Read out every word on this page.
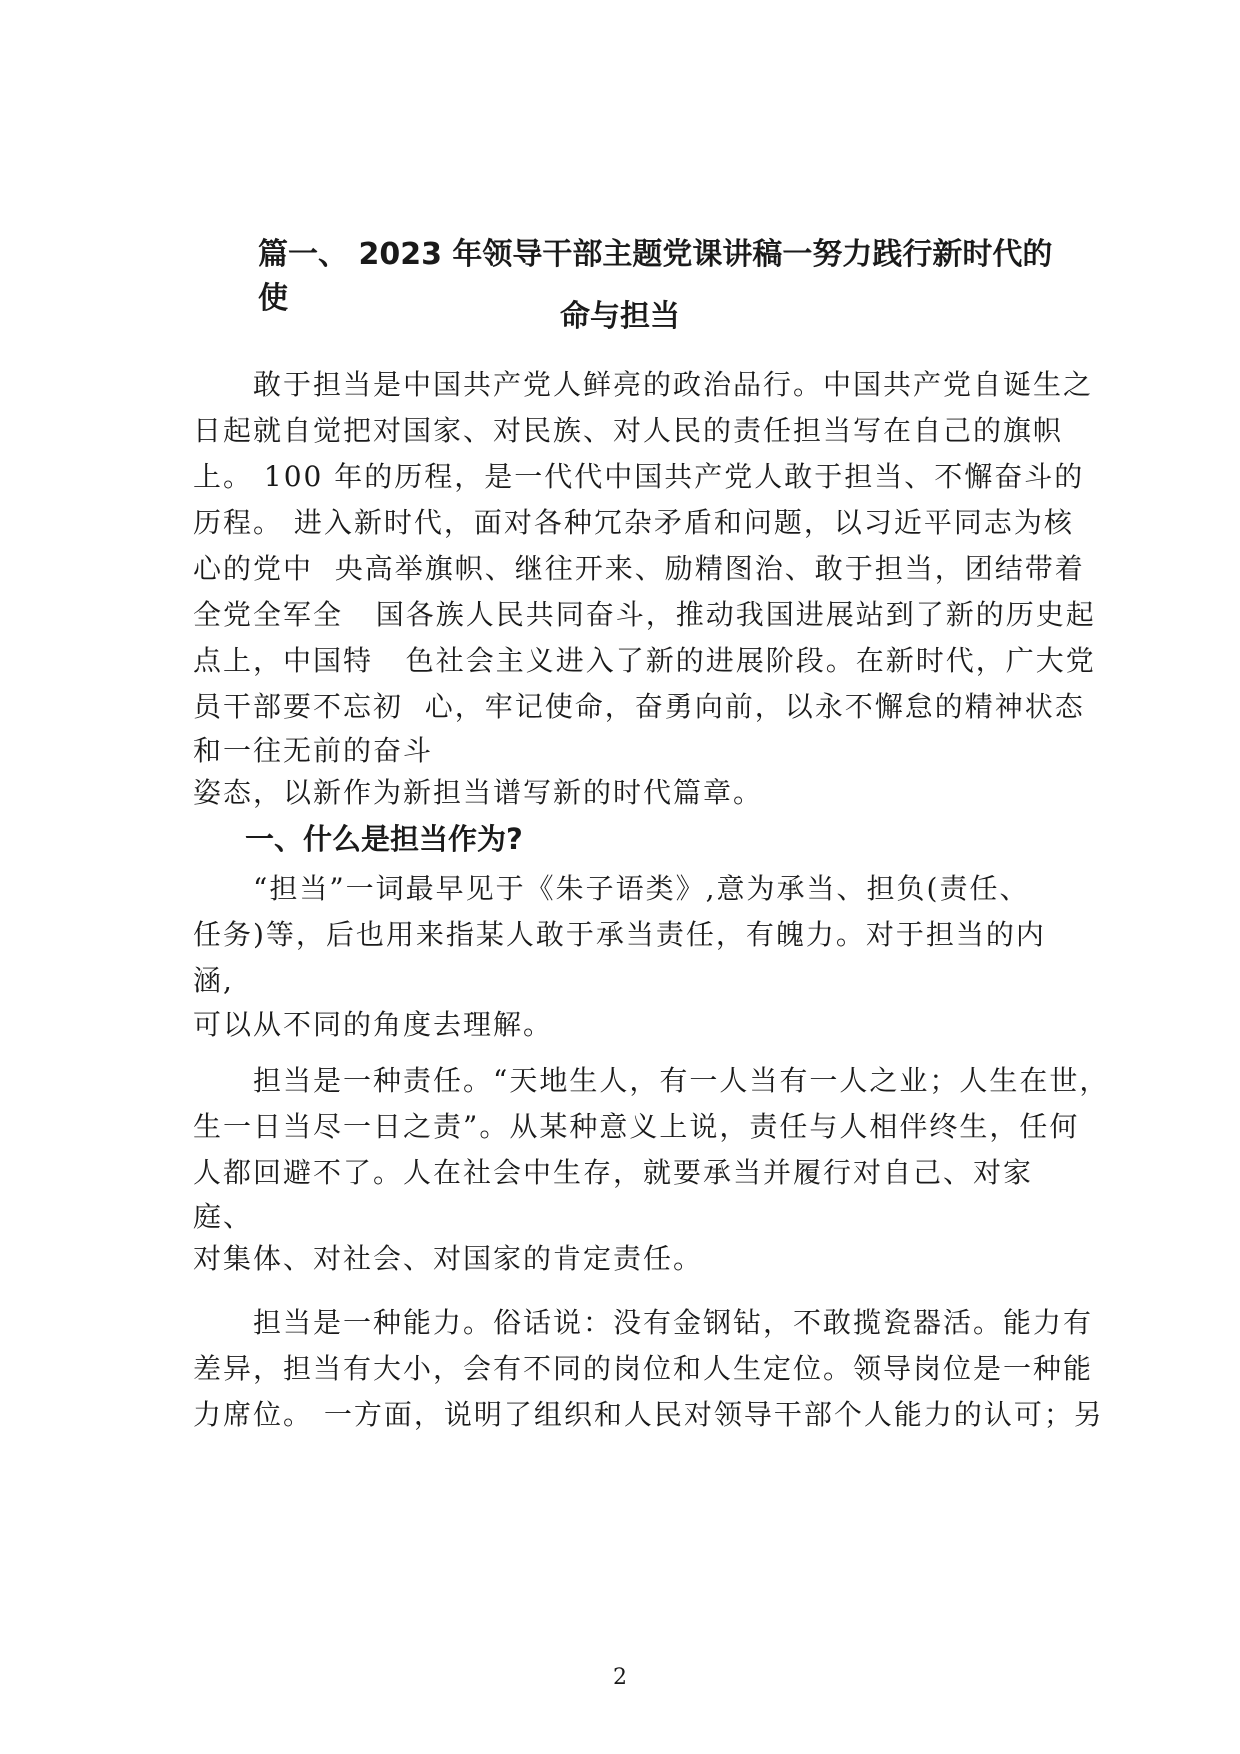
篇一、 2023 年领导干部主题党课讲稿一努力践行新时代的使
命与担当

　　敢于担当是中国共产党人鲜亮的政治品行。中国共产党自诞生之

日起就自觉把对国家、对民族、对人民的责任担当写在自己的旗帜

上。 100 年的历程，是一代代中国共产党人敢于担当、不懈奋斗的

历程。 进入新时代，面对各种冗杂矛盾和问题，以习近平同志为核

心的党中  央高举旗帜、继往开来、励精图治、敢于担当，团结带着

全党全军全   国各族人民共同奋斗，推动我国进展站到了新的历史起

点上，中国特   色社会主义进入了新的进展阶段。在新时代，广大党

员干部要不忘初  心，牢记使命，奋勇向前，以永不懈怠的精神状态

和一往无前的奋斗

姿态，以新作为新担当谱写新的时代篇章。

一、什么是担当作为?

　　“担当”一词最早见于《朱子语类》,意为承当、担负(责任、

任务)等，后也用来指某人敢于承当责任，有魄力。对于担当的内

涵,

可以从不同的角度去理解。

　　担当是一种责任。“天地生人，有一人当有一人之业；人生在世，

生一日当尽一日之责”。从某种意义上说，责任与人相伴终生，任何

人都回避不了。人在社会中生存，就要承当并履行对自己、对家

庭、

对集体、对社会、对国家的肯定责任。

　　担当是一种能力。俗话说：没有金钢钻，不敢揽瓷器活。能力有

差异，担当有大小，会有不同的岗位和人生定位。领导岗位是一种能

力席位。 一方面，说明了组织和人民对领导干部个人能力的认可；另

2
